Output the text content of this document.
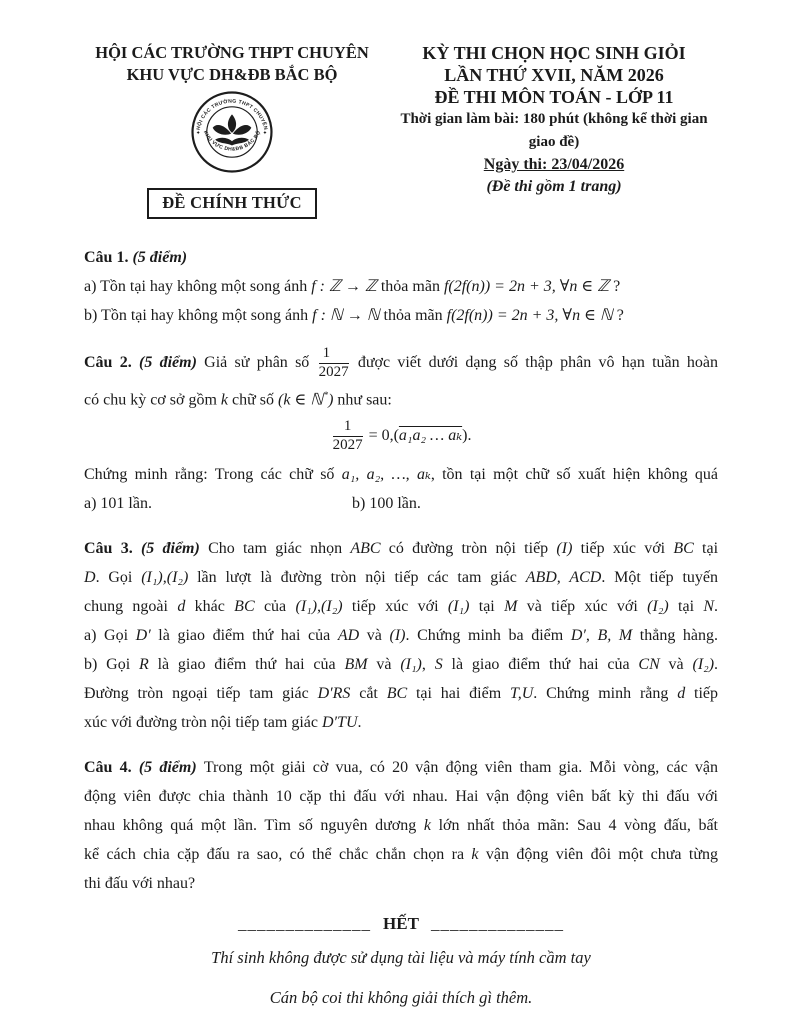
HỘI CÁC TRƯỜNG THPT CHUYÊN
KHU VỰC DH&ĐB BẮC BỘ
HỘI CÁC TRƯỜNG THPT CHUYÊN
KHU VỰC DH&ĐB BẮC BỘ
✦	✦
ĐỀ CHÍNH THỨC
KỲ THI CHỌN HỌC SINH GIỎI
LẦN THỨ XVII, NĂM 2026
ĐỀ THI MÔN TOÁN - LỚP 11
Thời gian làm bài: 180 phút (không kể thời gian giao đề)
Ngày thi: 23/04/2026
(Đề thi gồm 1 trang)
Câu 1. (5 điểm)
a) Tồn tại hay không một song ánh f : ℤ → ℤ thỏa mãn f(2f(n)) = 2n + 3, ∀n ∈ ℤ ?
b) Tồn tại hay không một song ánh f : ℕ → ℕ thỏa mãn f(2f(n)) = 2n + 3, ∀n ∈ ℕ ?
Câu 2. (5 điểm) Giả sử phân số $\frac{1}{2027}$ được viết dưới dạng số thập phân vô hạn tuần hoàn
có chu kỳ cơ sở gồm k chữ số (k ∈ ℕ*) như sau:
$\frac{1}{2027} = 0,(a_1a_2$ … aₖ).
Chứng minh rằng: Trong các chữ số a₁, a₂, …, aₖ, tồn tại một chữ số xuất hiện không quá
a) 101 lần.	b) 100 lần.
Câu 3. (5 điểm) Cho tam giác nhọn ABC có đường tròn nội tiếp (I) tiếp xúc với BC tại
D. Gọi (I₁),(I₂) lần lượt là đường tròn nội tiếp các tam giác ABD, ACD. Một tiếp tuyến
chung ngoài d khác BC của (I₁),(I₂) tiếp xúc với (I₁) tại M và tiếp xúc với (I₂) tại N.
a) Gọi D′ là giao điểm thứ hai của AD và (I). Chứng minh ba điểm D′, B, M thẳng hàng.
b) Gọi R là giao điểm thứ hai của BM và (I₁), S là giao điểm thứ hai của CN và (I₂).
Đường tròn ngoại tiếp tam giác D′RS cắt BC tại hai điểm T,U. Chứng minh rằng d tiếp
xúc với đường tròn nội tiếp tam giác D′TU.
Câu 4. (5 điểm) Trong một giải cờ vua, có 20 vận động viên tham gia. Mỗi vòng, các vận
động viên được chia thành 10 cặp thi đấu với nhau. Hai vận động viên bất kỳ thi đấu với
nhau không quá một lần. Tìm số nguyên dương k lớn nhất thỏa mãn: Sau 4 vòng đấu, bất
kể cách chia cặp đấu ra sao, có thể chắc chắn chọn ra k vận động viên đôi một chưa từng
thi đấu với nhau?
______________ HẾT ______________
Thí sinh không được sử dụng tài liệu và máy tính cầm tay
Cán bộ coi thi không giải thích gì thêm.
